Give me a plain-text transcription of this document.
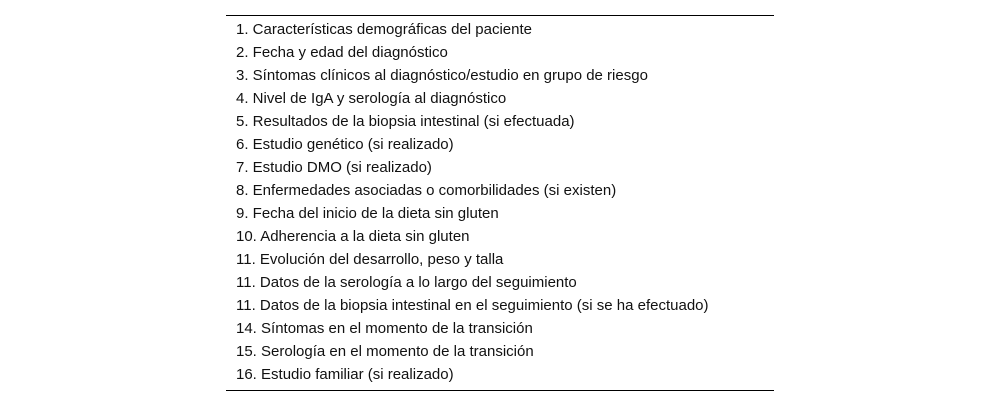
1. Características demográficas del paciente
2. Fecha y edad del diagnóstico
3. Síntomas clínicos al diagnóstico/estudio en grupo de riesgo
4. Nivel de IgA y serología al diagnóstico
5. Resultados de la biopsia intestinal (si efectuada)
6. Estudio genético (si realizado)
7. Estudio DMO (si realizado)
8. Enfermedades asociadas o comorbilidades (si existen)
9. Fecha del inicio de la dieta sin gluten
10. Adherencia a la dieta sin gluten
11. Evolución del desarrollo, peso y talla
11. Datos de la serología a lo largo del seguimiento
11. Datos de la biopsia intestinal en el seguimiento (si se ha efectuado)
14. Síntomas en el momento de la transición
15. Serología en el momento de la transición
16. Estudio familiar (si realizado)
